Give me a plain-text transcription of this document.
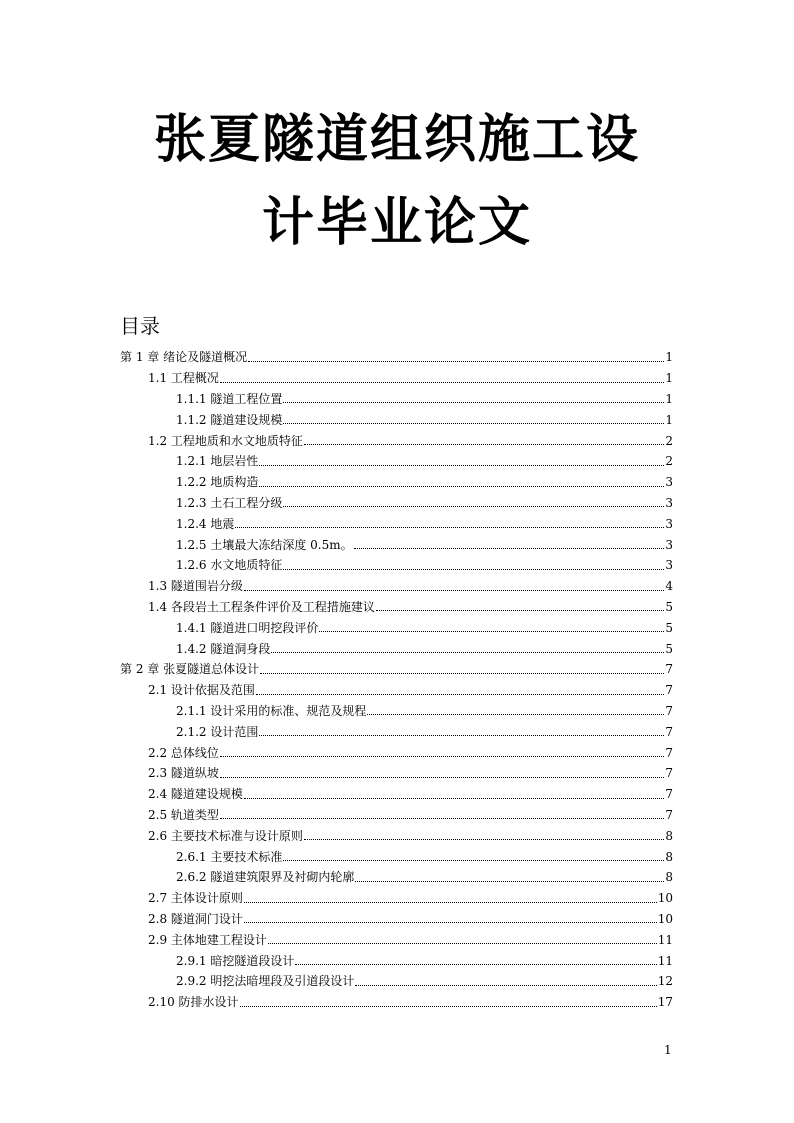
张夏隧道组织施工设
计毕业论文
目录
第 1 章 绪论及隧道概况	1
1.1 工程概况	1
1.1.1 隧道工程位置	1
1.1.2 隧道建设规模	1
1.2 工程地质和水文地质特征	2
1.2.1 地层岩性	2
1.2.2 地质构造	3
1.2.3 土石工程分级	3
1.2.4 地震	3
1.2.5 土壤最大冻结深度 0.5m。	3
1.2.6 水文地质特征	3
1.3 隧道围岩分级	4
1.4 各段岩土工程条件评价及工程措施建议	5
1.4.1 隧道进口明挖段评价	5
1.4.2 隧道洞身段	5
第 2 章 张夏隧道总体设计	7
2.1 设计依据及范围	7
2.1.1 设计采用的标准、规范及规程	7
2.1.2 设计范围	7
2.2 总体线位	7
2.3 隧道纵坡	7
2.4 隧道建设规模	7
2.5 轨道类型	7
2.6 主要技术标准与设计原则	8
2.6.1 主要技术标准	8
2.6.2 隧道建筑限界及衬砌内轮廓	8
2.7 主体设计原则	10
2.8 隧道洞门设计	10
2.9 主体地建工程设计	11
2.9.1 暗挖隧道段设计	11
2.9.2 明挖法暗埋段及引道段设计	12
2.10 防排水设计	17
1
